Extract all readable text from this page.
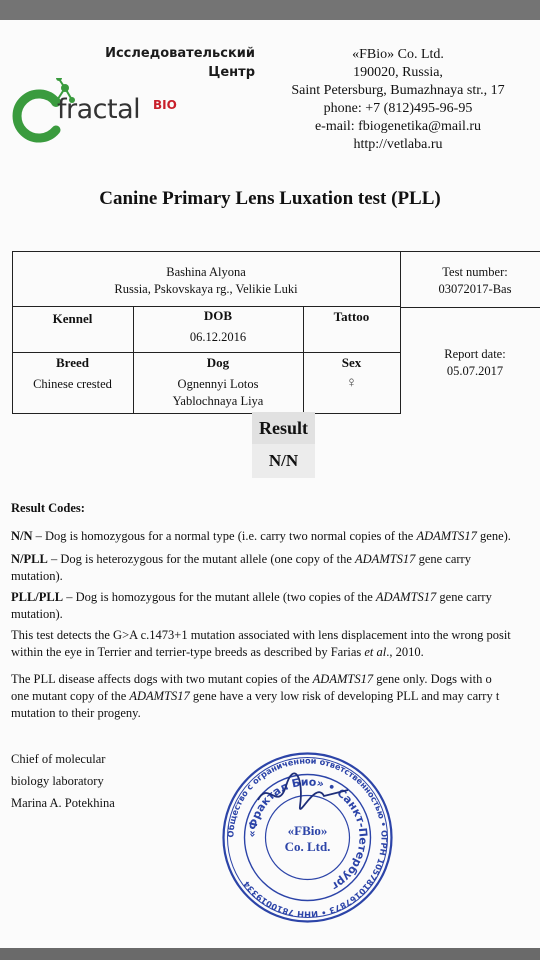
Исследовательский
Центр
fractal BIO
«FBio» Co. Ltd.
190020, Russia,
Saint Petersburg, Bumazhnaya str., 17
phone: +7 (812)495-96-95
e-mail: fbiogenetika@mail.ru
http://vetlaba.ru
Canine Primary Lens Luxation test (PLL)
Bashina Alyona
Russia, Pskovskaya rg., Velikie Luki
Test number:
03072017-Bas
Kennel	DOB
06.12.2016
Tattoo
Report date:
05.07.2017
Breed
Chinese crested
Dog
Ognennyi Lotos
Yablochnaya Liya
Sex
♀
Result
N/N

Result Codes:

N/N – Dog is homozygous for a normal type (i.e. carry two normal copies of the ADAMTS17 gene).

N/PLL – Dog is heterozygous for the mutant allele (one copy of the ADAMTS17 gene carry
mutation).

PLL/PLL – Dog is homozygous for the mutant allele (two copies of the ADAMTS17 gene carry
mutation).

This test detects the G>A c.1473+1 mutation associated with lens displacement into the wrong posit
within the eye in Terrier and terrier-type breeds as described by Farias et al., 2010.

The PLL disease affects dogs with two mutant copies of the ADAMTS17 gene only. Dogs with o
one mutant copy of the ADAMTS17 gene have a very low risk of developing PLL and may carry t
mutation to their progeny.

Chief of molecular
biology laboratory
Marina A. Potekhina
Общество с ограниченной ответственностью • ОГРН 1057810167873 • ИНН 7810019334
«Фрактал Био» • Санкт-Петербург
«FBio»
Co. Ltd.
